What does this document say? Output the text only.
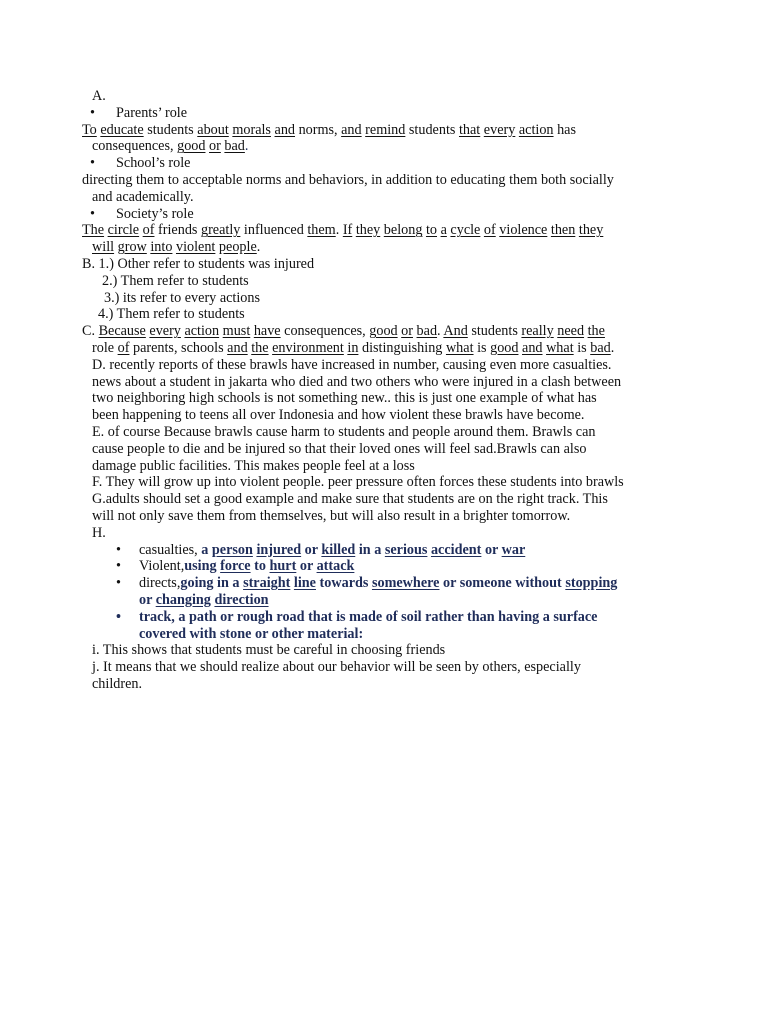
A.
• Parents’ role
To educate students about morals and norms, and remind students that every action has
consequences, good or bad.
• School’s role
directing them to acceptable norms and behaviors, in addition to educating them both socially
and academically.
• Society’s role
The circle of friends greatly influenced them. If they belong to a cycle of violence then they
will grow into violent people.
B. 1.) Other refer to students was injured
2.) Them refer to students
3.) its refer to every actions
4.) Them refer to students
C. Because every action must have consequences, good or bad. And students really need the
role of parents, schools and the environment in distinguishing what is good and what is bad.
D. recently reports of these brawls have increased in number, causing even more casualties.
news about a student in jakarta who died and two others who were injured in a clash between
two neighboring high schools is not something new.. this is just one example of what has
been happening to teens all over Indonesia and how violent these brawls have become.
E. of course Because brawls cause harm to students and people around them. Brawls can
cause people to die and be injured so that their loved ones will feel sad.Brawls can also
damage public facilities. This makes people feel at a loss
F. They will grow up into violent people. peer pressure often forces these students into brawls
G.adults should set a good example and make sure that students are on the right track. This
will not only save them from themselves, but will also result in a brighter tomorrow.
H.
• casualties, a person injured or killed in a serious accident or war
• Violent,using force to hurt or attack
• directs,going in a straight line towards somewhere or someone without stopping
or changing direction
• track, a path or rough road that is made of soil rather than having a surface
covered with stone or other material:
i. This shows that students must be careful in choosing friends
j. It means that we should realize about our behavior will be seen by others, especially
children.
